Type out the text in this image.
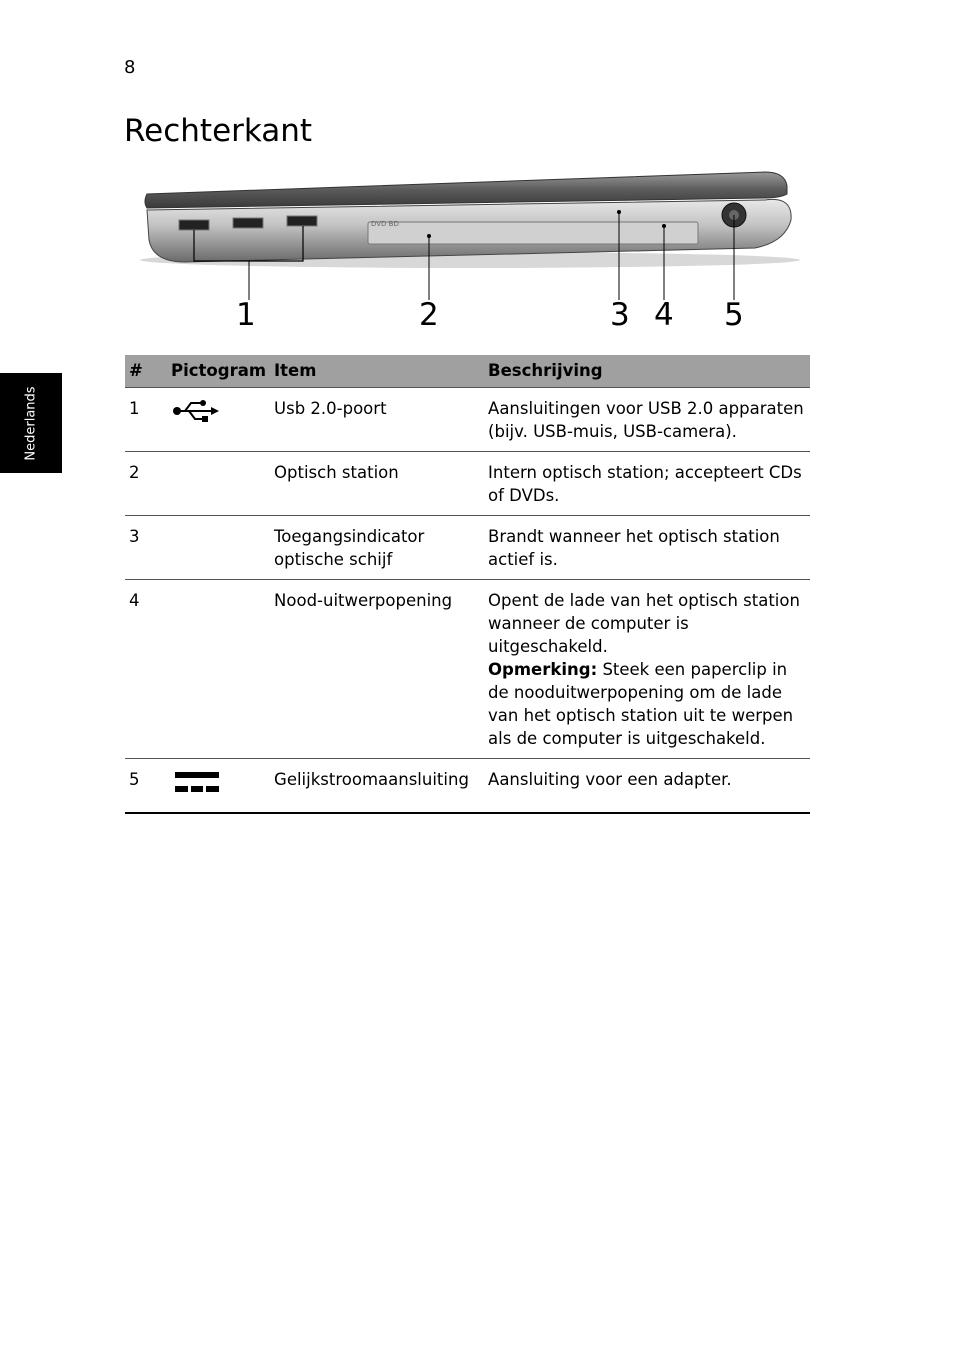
8
Rechterkant
Nederlands
DVD BD
1	2	3 4 5
#	Pictogram	Item	Beschrijving
1		Usb 2.0-poort	Aansluitingen voor USB 2.0 apparaten (bijv. USB-muis, USB-camera).
2		Optisch station	Intern optisch station; accepteert CDs of DVDs.
3		Toegangsindicator optische schijf	Brandt wanneer het optisch station actief is.
4		Nood-uitwerpopening	Opent de lade van het optisch station wanneer de computer is uitgeschakeld.
Opmerking: Steek een paperclip in de nooduitwerpopening om de lade van het optisch station uit te werpen als de computer is uitgeschakeld.

5		Gelijkstroomaansluiting	Aansluiting voor een adapter.
